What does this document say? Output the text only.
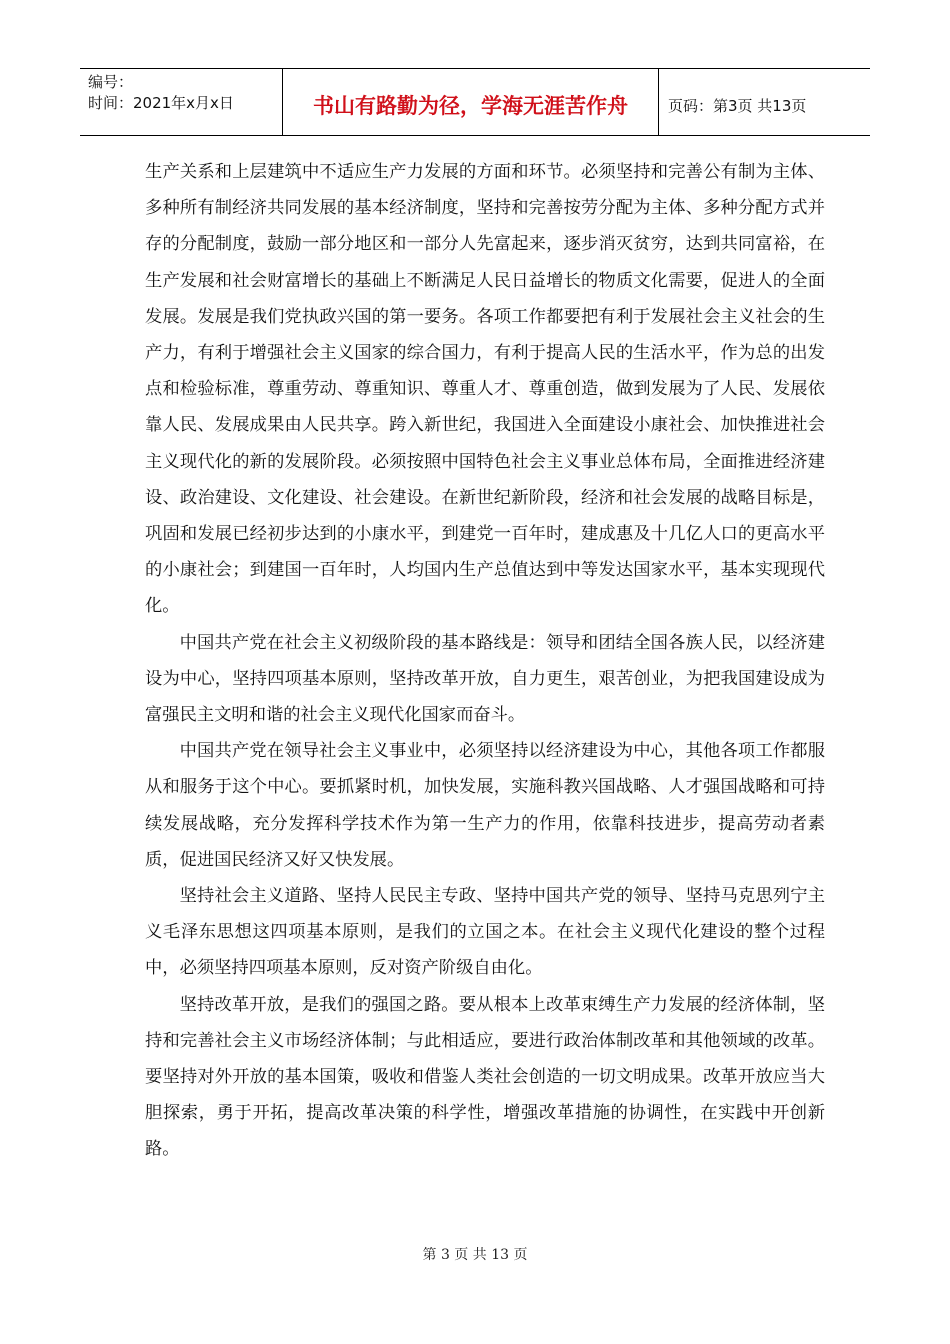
编号：
时间：2021年x月x日	书山有路勤为径，学海无涯苦作舟	页码：第3页 共13页

生产关系和上层建筑中不适应生产力发展的方面和环节。必须坚持和完善公有制为主体、多种所有制经济共同发展的基本经济制度，坚持和完善按劳分配为主体、多种分配方式并存的分配制度，鼓励一部分地区和一部分人先富起来，逐步消灭贫穷，达到共同富裕，在生产发展和社会财富增长的基础上不断满足人民日益增长的物质文化需要，促进人的全面发展。发展是我们党执政兴国的第一要务。各项工作都要把有利于发展社会主义社会的生产力，有利于增强社会主义国家的综合国力，有利于提高人民的生活水平，作为总的出发点和检验标准，尊重劳动、尊重知识、尊重人才、尊重创造，做到发展为了人民、发展依靠人民、发展成果由人民共享。跨入新世纪，我国进入全面建设小康社会、加快推进社会主义现代化的新的发展阶段。必须按照中国特色社会主义事业总体布局，全面推进经济建设、政治建设、文化建设、社会建设。在新世纪新阶段，经济和社会发展的战略目标是，巩固和发展已经初步达到的小康水平，到建党一百年时，建成惠及十几亿人口的更高水平的小康社会；到建国一百年时，人均国内生产总值达到中等发达国家水平，基本实现现代化。

中国共产党在社会主义初级阶段的基本路线是：领导和团结全国各族人民，以经济建设为中心，坚持四项基本原则，坚持改革开放，自力更生，艰苦创业，为把我国建设成为富强民主文明和谐的社会主义现代化国家而奋斗。

中国共产党在领导社会主义事业中，必须坚持以经济建设为中心，其他各项工作都服从和服务于这个中心。要抓紧时机，加快发展，实施科教兴国战略、人才强国战略和可持续发展战略，充分发挥科学技术作为第一生产力的作用，依靠科技进步，提高劳动者素质，促进国民经济又好又快发展。

坚持社会主义道路、坚持人民民主专政、坚持中国共产党的领导、坚持马克思列宁主义毛泽东思想这四项基本原则，是我们的立国之本。在社会主义现代化建设的整个过程中，必须坚持四项基本原则，反对资产阶级自由化。

坚持改革开放，是我们的强国之路。要从根本上改革束缚生产力发展的经济体制，坚持和完善社会主义市场经济体制；与此相适应，要进行政治体制改革和其他领域的改革。要坚持对外开放的基本国策，吸收和借鉴人类社会创造的一切文明成果。改革开放应当大胆探索，勇于开拓，提高改革决策的科学性，增强改革措施的协调性，在实践中开创新路。

第 3 页 共 13 页
